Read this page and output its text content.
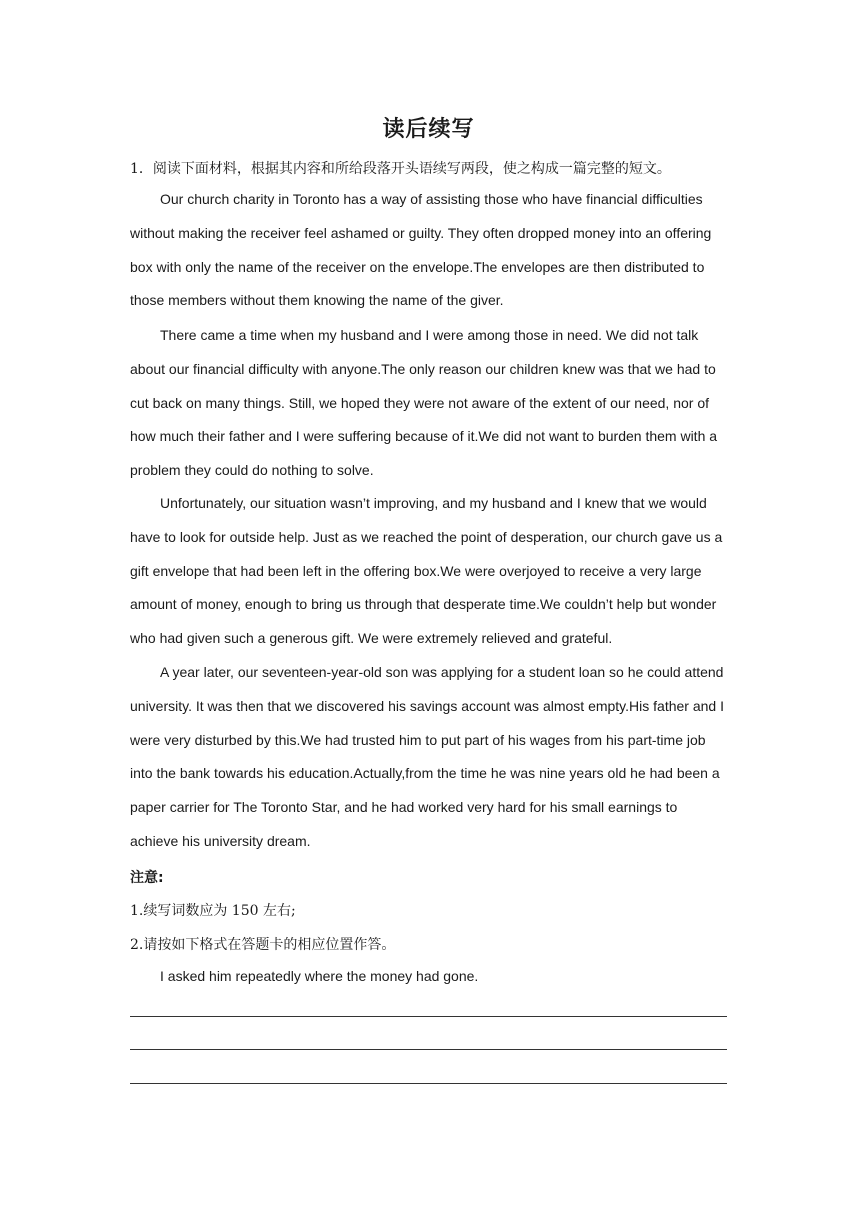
读后续写
1．阅读下面材料，根据其内容和所给段落开头语续写两段，使之构成一篇完整的短文。

Our church charity in Toronto has a way of assisting those who have financial difficulties without making the receiver feel ashamed or guilty. They often dropped money into an offering box with only the name of the receiver on the envelope.The envelopes are then distributed to those members without them knowing the name of the giver.

There came a time when my husband and I were among those in need. We did not talk about our financial difficulty with anyone.The only reason our children knew was that we had to cut back on many things. Still, we hoped they were not aware of the extent of our need, nor of how much their father and I were suffering because of it.We did not want to burden them with a problem they could do nothing to solve.

Unfortunately, our situation wasn’t improving, and my husband and I knew that we would have to look for outside help. Just as we reached the point of desperation, our church gave us a gift envelope that had been left in the offering box.We were overjoyed to receive a very large amount of money, enough to bring us through that desperate time.We couldn’t help but wonder who had given such a generous gift. We were extremely relieved and grateful.

A year later, our seventeen-year-old son was applying for a student loan so he could attend university. It was then that we discovered his savings account was almost empty.His father and I were very disturbed by this.We had trusted him to put part of his wages from his part-time job into the bank towards his education.Actually,from the time he was nine years old he had been a paper carrier for The Toronto Star, and he had worked very hard for his small earnings to achieve his university dream.

注意:
1.续写词数应为 150 左右;
2.请按如下格式在答题卡的相应位置作答。
I asked him repeatedly where the money had gone.
